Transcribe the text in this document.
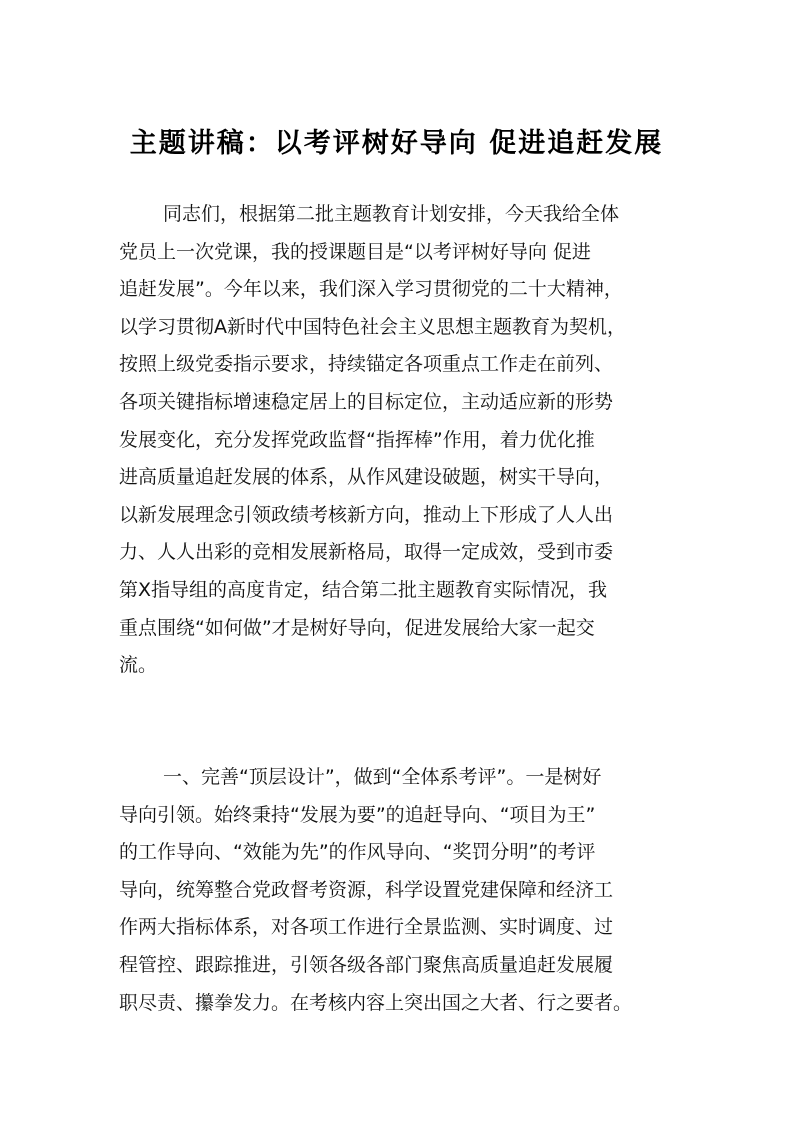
主题讲稿：以考评树好导向 促进追赶发展
同志们，根据第二批主题教育计划安排，今天我给全体
党员上一次党课，我的授课题目是“以考评树好导向 促进
追赶发展”。今年以来，我们深入学习贯彻党的二十大精神，
以学习贯彻A新时代中国特色社会主义思想主题教育为契机，
按照上级党委指示要求，持续锚定各项重点工作走在前列、
各项关键指标增速稳定居上的目标定位，主动适应新的形势
发展变化，充分发挥党政监督“指挥棒”作用，着力优化推
进高质量追赶发展的体系，从作风建设破题，树实干导向，
以新发展理念引领政绩考核新方向，推动上下形成了人人出
力、人人出彩的竞相发展新格局，取得一定成效，受到市委
第X指导组的高度肯定，结合第二批主题教育实际情况，我
重点围绕“如何做”才是树好导向，促进发展给大家一起交
流。
一、完善“顶层设计”，做到“全体系考评”。一是树好
导向引领。始终秉持“发展为要”的追赶导向、“项目为王”
的工作导向、“效能为先”的作风导向、“奖罚分明”的考评
导向，统筹整合党政督考资源，科学设置党建保障和经济工
作两大指标体系，对各项工作进行全景监测、实时调度、过
程管控、跟踪推进，引领各级各部门聚焦高质量追赶发展履
职尽责、攥拳发力。在考核内容上突出国之大者、行之要者。
